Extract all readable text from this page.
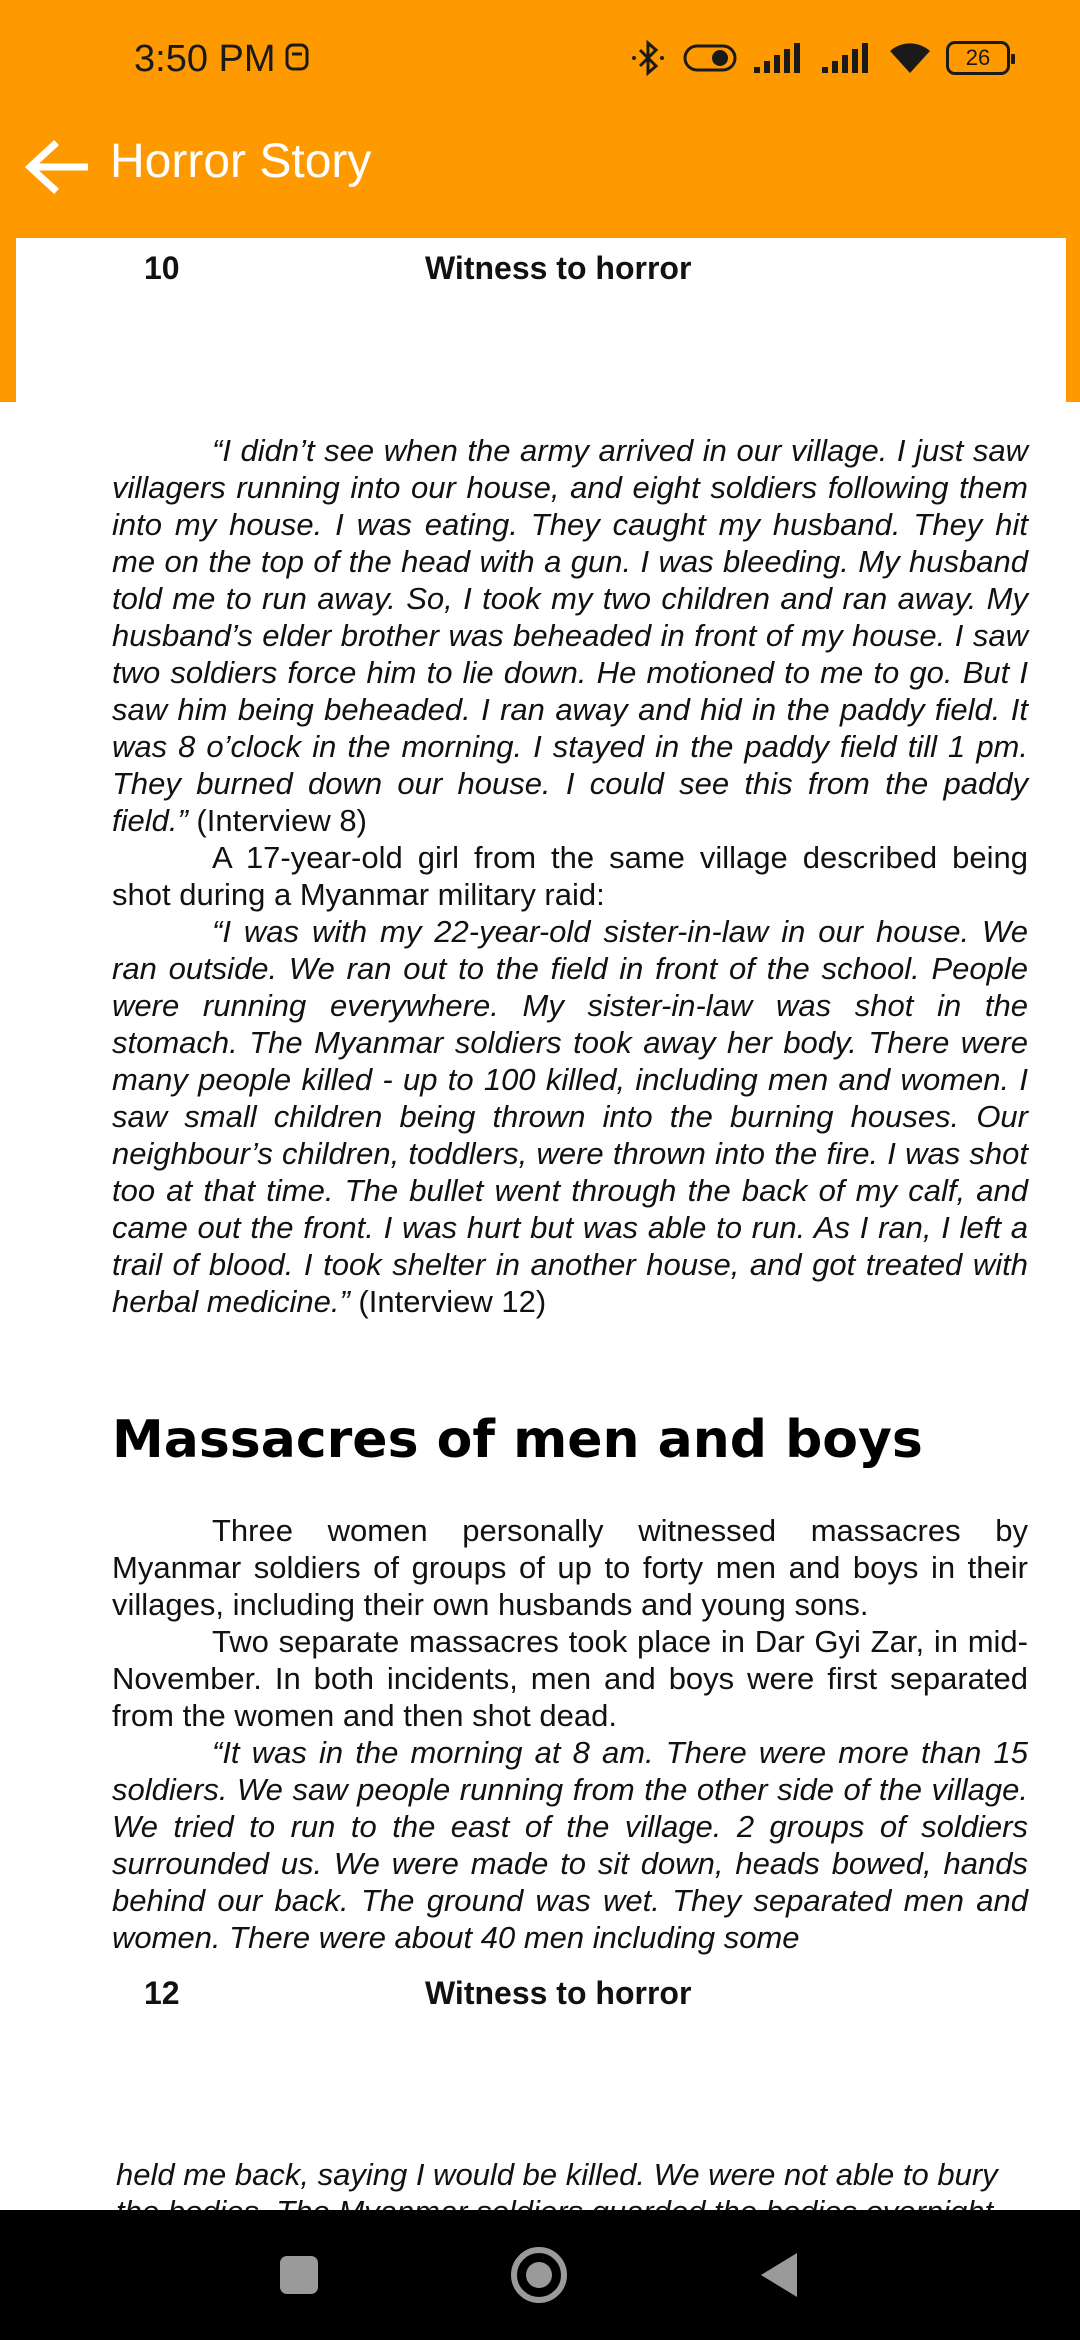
3:50 PM	26
Horror Story
10	Witness to horror

“I didn’t see when the army arrived in our village. I just saw villagers running into our house, and eight soldiers following them into my house. I was eating. They caught my husband. They hit me on the top of the head with a gun. I was bleeding. My husband told me to run away. So, I took my two children and ran away. My husband’s elder brother was beheaded in front of my house. I saw two soldiers force him to lie down. He motioned to me to go. But I saw him being beheaded. I ran away and hid in the paddy field. It was 8 o’clock in the morning. I stayed in the paddy field till 1 pm. They burned down our house. I could see this from the paddy field.” (Interview 8)

A 17-year-old girl from the same village described being shot during a Myanmar military raid:

“I was with my 22-year-old sister-in-law in our house. We ran outside. We ran out to the field in front of the school. People were running everywhere. My sister-in-law was shot in the stomach. The Myanmar soldiers took away her body. There were many people killed - up to 100 killed, including men and women. I saw small children being thrown into the burning houses. Our neighbour’s children, toddlers, were thrown into the fire. I was shot too at that time. The bullet went through the back of my calf, and came out the front. I was hurt but was able to run. As I ran, I left a trail of blood. I took shelter in another house, and got treated with herbal medicine.” (Interview 12)

Massacres of men and boys

Three women personally witnessed massacres by Myanmar soldiers of groups of up to forty men and boys in their villages, including their own husbands and young sons.

Two separate massacres took place in Dar Gyi Zar, in mid-November. In both incidents, men and boys were first separated from the women and then shot dead.

“It was in the morning at 8 am. There were more than 15 soldiers. We saw people running from the other side of the village. We tried to run to the east of the village. 2 groups of soldiers surrounded us. We were made to sit down, heads bowed, hands behind our back. The ground was wet. They separated men and women. There were about 40 men including some

12	Witness to horror
held me back, saying I would be killed. We were not able to bury
